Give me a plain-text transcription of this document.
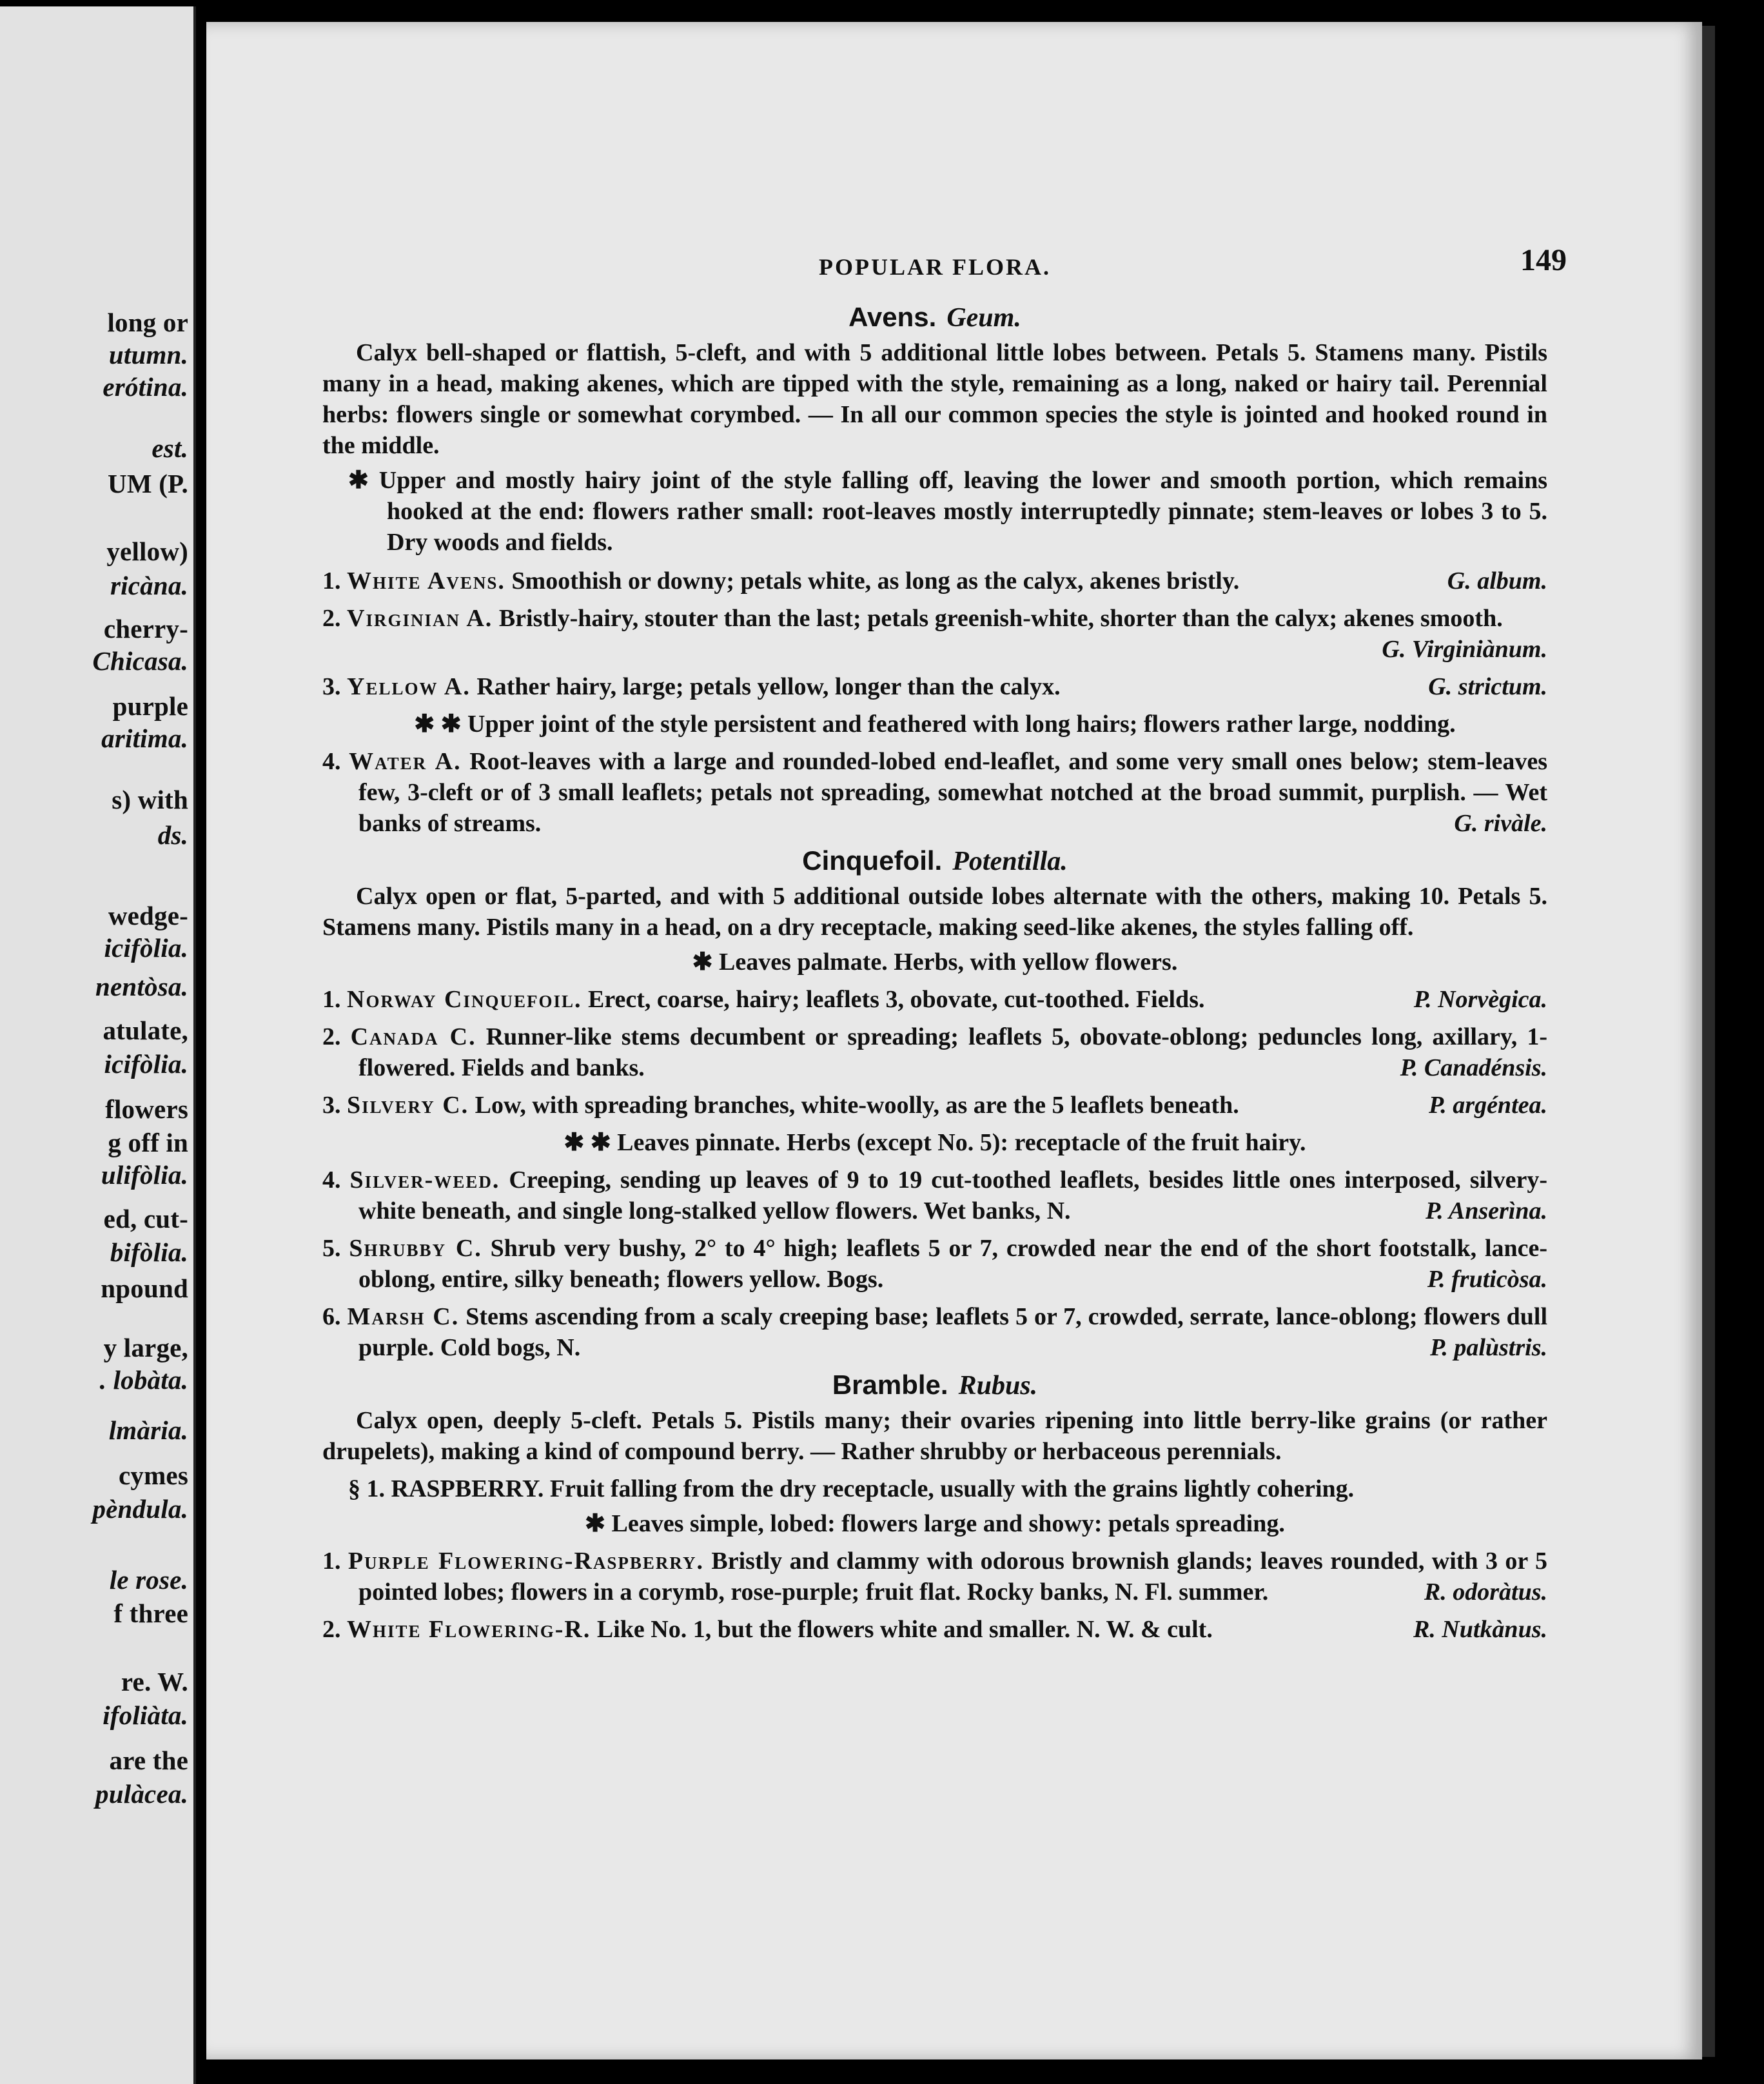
long or
utumn.
erótina.
est.
UM (P.
yellow)
ricàna.
cherry-
Chicasa.
purple
aritima.
s) with
ds.
wedge-
icifòlia.
nentòsa.
atulate,
icifòlia.
flowers
g off in
ulifòlia.
ed, cut-
bifòlia.
npound
y large,
. lobàta.
lmària.
cymes
pèndula.
le rose.
f three
re. W.
ifoliàta.
are the
pulàcea.
POPULAR FLORA.	149
Avens. Geum.

Calyx bell-shaped or flattish, 5-cleft, and with 5 additional little lobes between. Petals 5. Stamens many. Pistils many in a head, making akenes, which are tipped with the style, remaining as a long, naked or hairy tail. Perennial herbs: flowers single or somewhat corymbed. — In all our common species the style is jointed and hooked round in the middle.

✱ Upper and mostly hairy joint of the style falling off, leaving the lower and smooth portion, which remains hooked at the end: flowers rather small: root-leaves mostly interruptedly pinnate; stem-leaves or lobes 3 to 5. Dry woods and fields.

1. White Avens. Smoothish or downy; petals white, as long as the calyx, akenes bristly.	G. album.

2. Virginian A. Bristly-hairy, stouter than the last; petals greenish-white, shorter than the calyx; akenes smooth.
G. Virginiànum.

3. Yellow A. Rather hairy, large; petals yellow, longer than the calyx.	G. strictum.

✱ ✱ Upper joint of the style persistent and feathered with long hairs; flowers rather large, nodding.

4. Water A. Root-leaves with a large and rounded-lobed end-leaflet, and some very small ones below; stem-leaves few, 3-cleft or of 3 small leaflets; petals not spreading, somewhat notched at the broad summit, purplish. — Wet banks of streams.	G. rivàle.

Cinquefoil. Potentilla.

Calyx open or flat, 5-parted, and with 5 additional outside lobes alternate with the others, making 10. Petals 5. Stamens many. Pistils many in a head, on a dry receptacle, making seed-like akenes, the styles falling off.

✱ Leaves palmate. Herbs, with yellow flowers.

1. Norway Cinquefoil. Erect, coarse, hairy; leaflets 3, obovate, cut-toothed. Fields.	P. Norvègica.

2. Canada C. Runner-like stems decumbent or spreading; leaflets 5, obovate-oblong; peduncles long, axillary, 1-flowered. Fields and banks.	P. Canadénsis.

3. Silvery C. Low, with spreading branches, white-woolly, as are the 5 leaflets beneath.	P. argéntea.

✱ ✱ Leaves pinnate. Herbs (except No. 5): receptacle of the fruit hairy.

4. Silver-weed. Creeping, sending up leaves of 9 to 19 cut-toothed leaflets, besides little ones interposed, silvery-white beneath, and single long-stalked yellow flowers. Wet banks, N.	P. Anserìna.

5. Shrubby C. Shrub very bushy, 2° to 4° high; leaflets 5 or 7, crowded near the end of the short footstalk, lance-oblong, entire, silky beneath; flowers yellow. Bogs.	P. fruticòsa.

6. Marsh C. Stems ascending from a scaly creeping base; leaflets 5 or 7, crowded, serrate, lance-oblong; flowers dull purple. Cold bogs, N.	P. palùstris.

Bramble. Rubus.

Calyx open, deeply 5-cleft. Petals 5. Pistils many; their ovaries ripening into little berry-like grains (or rather drupelets), making a kind of compound berry. — Rather shrubby or herbaceous perennials.

§ 1. RASPBERRY. Fruit falling from the dry receptacle, usually with the grains lightly cohering.

✱ Leaves simple, lobed: flowers large and showy: petals spreading.

1. Purple Flowering-Raspberry. Bristly and clammy with odorous brownish glands; leaves rounded, with 3 or 5 pointed lobes; flowers in a corymb, rose-purple; fruit flat. Rocky banks, N. Fl. summer.	R. odoràtus.

2. White Flowering-R. Like No. 1, but the flowers white and smaller. N. W. & cult.	R. Nutkànus.
